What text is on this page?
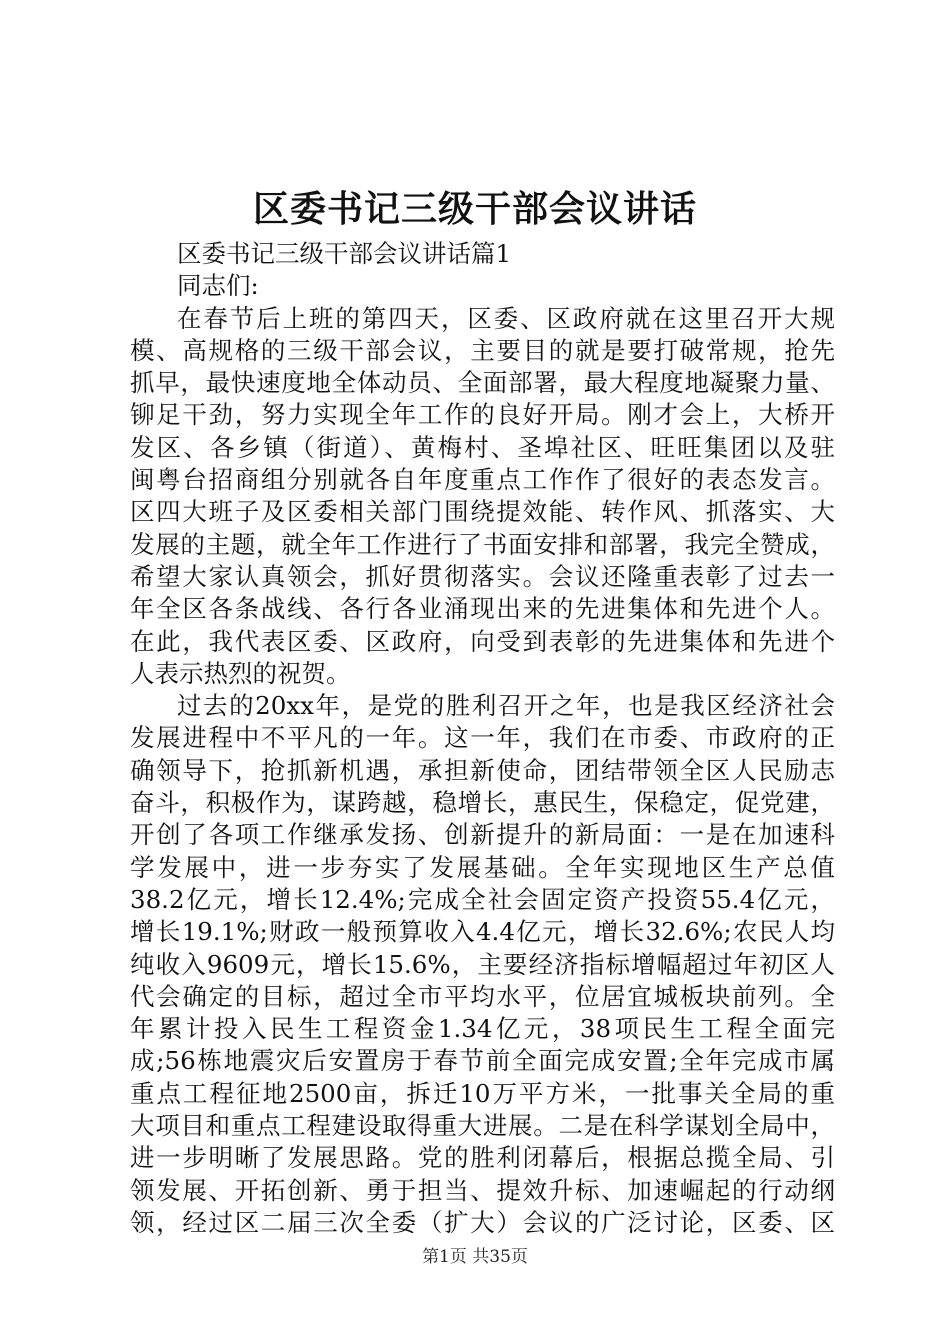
区委书记三级干部会议讲话
区委书记三级干部会议讲话篇1
同志们:
在春节后上班的第四天，区委、区政府就在这里召开大规
模、高规格的三级干部会议，主要目的就是要打破常规，抢先
抓早，最快速度地全体动员、全面部署，最大程度地凝聚力量、
铆足干劲，努力实现全年工作的良好开局。刚才会上，大桥开
发区、各乡镇（街道）、黄梅村、圣埠社区、旺旺集团以及驻
闽粤台招商组分别就各自年度重点工作作了很好的表态发言。
区四大班子及区委相关部门围绕提效能、转作风、抓落实、大
发展的主题，就全年工作进行了书面安排和部署，我完全赞成，
希望大家认真领会，抓好贯彻落实。会议还隆重表彰了过去一
年全区各条战线、各行各业涌现出来的先进集体和先进个人。
在此，我代表区委、区政府，向受到表彰的先进集体和先进个
人表示热烈的祝贺。
过去的20xx年，是党的胜利召开之年，也是我区经济社会
发展进程中不平凡的一年。这一年，我们在市委、市政府的正
确领导下，抢抓新机遇，承担新使命，团结带领全区人民励志
奋斗，积极作为，谋跨越，稳增长，惠民生，保稳定，促党建，
开创了各项工作继承发扬、创新提升的新局面：一是在加速科
学发展中，进一步夯实了发展基础。全年实现地区生产总值
38.2亿元，增长12.4%;完成全社会固定资产投资55.4亿元，
增长19.1%;财政一般预算收入4.4亿元，增长32.6%;农民人均
纯收入9609元，增长15.6%，主要经济指标增幅超过年初区人
代会确定的目标，超过全市平均水平，位居宜城板块前列。全
年累计投入民生工程资金1.34亿元，38项民生工程全面完
成;56栋地震灾后安置房于春节前全面完成安置;全年完成市属
重点工程征地2500亩，拆迁10万平方米，一批事关全局的重
大项目和重点工程建设取得重大进展。二是在科学谋划全局中，
进一步明晰了发展思路。党的胜利闭幕后，根据总揽全局、引
领发展、开拓创新、勇于担当、提效升标、加速崛起的行动纲
领，经过区二届三次全委（扩大）会议的广泛讨论，区委、区
第1页 共35页
